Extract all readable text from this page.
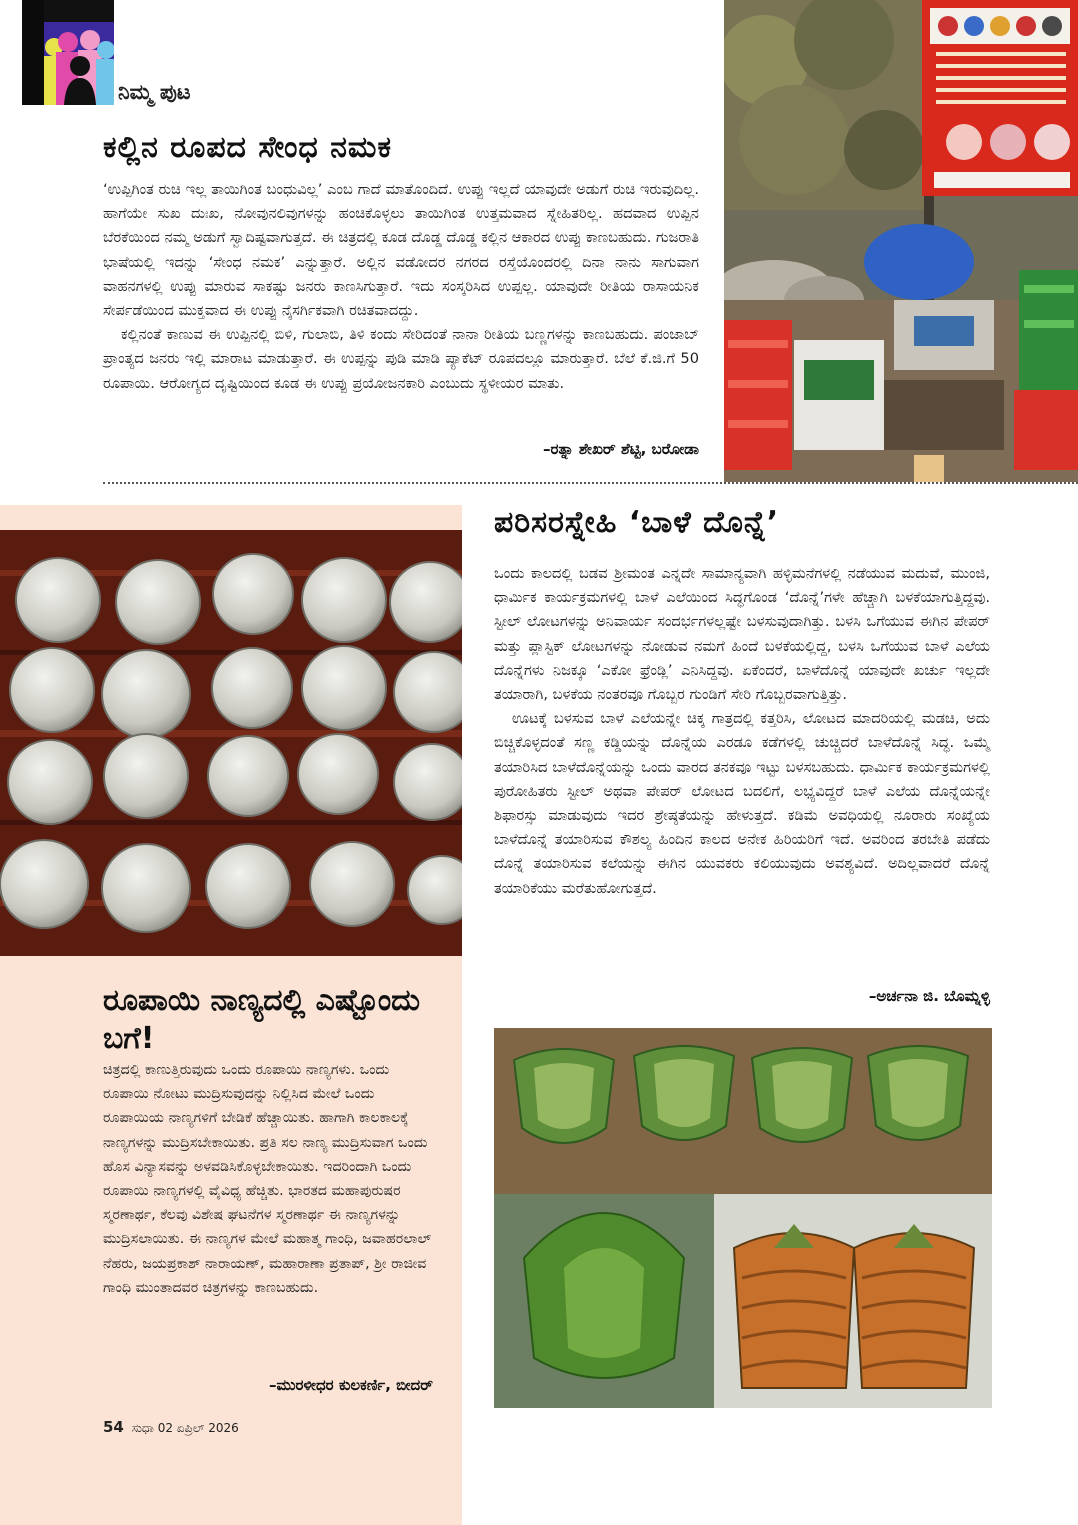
ನಿಮ್ಮ ಪುಟ
ಕಲ್ಲಿನ ರೂಪದ ಸೇಂಧ ನಮಕ

‘ಉಪ್ಪಿಗಿಂತ ರುಚಿ ಇಲ್ಲ ತಾಯಿಗಿಂತ ಬಂಧುವಿಲ್ಲ’ ಎಂಬ ಗಾದೆ ಮಾತೊಂದಿದೆ. ಉಪ್ಪು ಇಲ್ಲದೆ ಯಾವುದೇ ಅಡುಗೆ ರುಚಿ ಇರುವುದಿಲ್ಲ. ಹಾಗೆಯೇ ಸುಖ ದುಃಖ, ನೋವುನಲಿವುಗಳನ್ನು ಹಂಚಿಕೊಳ್ಳಲು ತಾಯಿಗಿಂತ ಉತ್ತಮವಾದ ಸ್ನೇಹಿತರಿಲ್ಲ. ಹದವಾದ ಉಪ್ಪಿನ ಬೆರಕೆಯಿಂದ ನಮ್ಮ ಅಡುಗೆ ಸ್ವಾದಿಷ್ಟವಾಗುತ್ತದೆ. ಈ ಚಿತ್ರದಲ್ಲಿ ಕೂಡ ದೊಡ್ಡ ದೊಡ್ಡ ಕಲ್ಲಿನ ಆಕಾರದ ಉಪ್ಪು ಕಾಣಬಹುದು. ಗುಜರಾತಿ ಭಾಷೆಯಲ್ಲಿ ಇದನ್ನು ‘ಸೇಂಧ ನಮಕ’ ಎನ್ನುತ್ತಾರೆ. ಅಲ್ಲಿನ ವಡೋದರ ನಗರದ ರಸ್ತೆಯೊಂದರಲ್ಲಿ ದಿನಾ ನಾನು ಸಾಗುವಾಗ ವಾಹನಗಳಲ್ಲಿ ಉಪ್ಪು ಮಾರುವ ಸಾಕಷ್ಟು ಜನರು ಕಾಣಸಿಗುತ್ತಾರೆ. ಇದು ಸಂಸ್ಕರಿಸಿದ ಉಪ್ಪಲ್ಲ. ಯಾವುದೇ ರೀತಿಯ ರಾಸಾಯನಿಕ ಸೇರ್ಪಡೆಯಿಂದ ಮುಕ್ತವಾದ ಈ ಉಪ್ಪು ನೈಸರ್ಗಿಕವಾಗಿ ರಚಿತವಾದದ್ದು.

ಕಲ್ಲಿನಂತೆ ಕಾಣುವ ಈ ಉಪ್ಪಿನಲ್ಲಿ ಬಿಳಿ, ಗುಲಾಬಿ, ತಿಳಿ ಕಂದು ಸೇರಿದಂತೆ ನಾನಾ ರೀತಿಯ ಬಣ್ಣಗಳನ್ನು ಕಾಣಬಹುದು. ಪಂಜಾಬ್ ಪ್ರಾಂತ್ಯದ ಜನರು ಇಲ್ಲಿ ಮಾರಾಟ ಮಾಡುತ್ತಾರೆ. ಈ ಉಪ್ಪನ್ನು ಪುಡಿ ಮಾಡಿ ಪ್ಯಾಕೆಟ್ ರೂಪದಲ್ಲೂ ಮಾರುತ್ತಾರೆ. ಬೆಲೆ ಕೆ.ಜಿ.ಗೆ 50 ರೂಪಾಯಿ. ಆರೋಗ್ಯದ ದೃಷ್ಟಿಯಿಂದ ಕೂಡ ಈ ಉಪ್ಪು ಪ್ರಯೋಜನಕಾರಿ ಎಂಬುದು ಸ್ಥಳೀಯರ ಮಾತು.

–ರತ್ನಾ ಶೇಖರ್ ಶೆಟ್ಟಿ, ಬರೋಡಾ
ರೂಪಾಯಿ ನಾಣ್ಯದಲ್ಲಿ ಎಷ್ಟೊಂದು ಬಗೆ!

ಚಿತ್ರದಲ್ಲಿ ಕಾಣುತ್ತಿರುವುದು ಒಂದು ರೂಪಾಯಿ ನಾಣ್ಯಗಳು. ಒಂದು ರೂಪಾಯಿ ನೋಟು ಮುದ್ರಿಸುವುದನ್ನು ನಿಲ್ಲಿಸಿದ ಮೇಲೆ ಒಂದು ರೂಪಾಯಿಯ ನಾಣ್ಯಗಳಿಗೆ ಬೇಡಿಕೆ ಹೆಚ್ಚಾಯಿತು. ಹಾಗಾಗಿ ಕಾಲಕಾಲಕ್ಕೆ ನಾಣ್ಯಗಳನ್ನು ಮುದ್ರಿಸಬೇಕಾಯಿತು. ಪ್ರತಿ ಸಲ ನಾಣ್ಯ ಮುದ್ರಿಸುವಾಗ ಒಂದು ಹೊಸ ವಿನ್ಯಾಸವನ್ನು ಅಳವಡಿಸಿಕೊಳ್ಳಬೇಕಾಯಿತು. ಇದರಿಂದಾಗಿ ಒಂದು ರೂಪಾಯಿ ನಾಣ್ಯಗಳಲ್ಲಿ ವೈವಿಧ್ಯ ಹೆಚ್ಚಿತು. ಭಾರತದ ಮಹಾಪುರುಷರ ಸ್ಮರಣಾರ್ಥ, ಕೆಲವು ವಿಶೇಷ ಘಟನೆಗಳ ಸ್ಮರಣಾರ್ಥ ಈ ನಾಣ್ಯಗಳನ್ನು ಮುದ್ರಿಸಲಾಯಿತು. ಈ ನಾಣ್ಯಗಳ ಮೇಲೆ ಮಹಾತ್ಮ ಗಾಂಧಿ, ಜವಾಹರಲಾಲ್ ನೆಹರು, ಜಯಪ್ರಕಾಶ್ ನಾರಾಯಣ್, ಮಹಾರಾಣಾ ಪ್ರತಾಪ್, ಶ್ರೀ ರಾಜೀವ ಗಾಂಧಿ ಮುಂತಾದವರ ಚಿತ್ರಗಳನ್ನು ಕಾಣಬಹುದು.

–ಮುರಳೀಧರ ಕುಲಕರ್ಣಿ, ಬೀದರ್
54 ಸುಧಾ 02 ಏಪ್ರಿಲ್ 2026
ಪರಿಸರಸ್ನೇಹಿ ‘ಬಾಳೆ ದೊನ್ನೆ’

ಒಂದು ಕಾಲದಲ್ಲಿ ಬಡವ ಶ್ರೀಮಂತ ಎನ್ನದೇ ಸಾಮಾನ್ಯವಾಗಿ ಹಳ್ಳಿಮನೆಗಳಲ್ಲಿ ನಡೆಯುವ ಮದುವೆ, ಮುಂಜಿ, ಧಾರ್ಮಿಕ ಕಾರ್ಯಕ್ರಮಗಳಲ್ಲಿ ಬಾಳೆ ಎಲೆಯಿಂದ ಸಿದ್ಧಗೊಂಡ ‘ದೊನ್ನೆ’ಗಳೇ ಹೆಚ್ಚಾಗಿ ಬಳಕೆಯಾಗುತ್ತಿದ್ದವು. ಸ್ಟೀಲ್ ಲೋಟಗಳನ್ನು ಅನಿವಾರ್ಯ ಸಂದರ್ಭಗಳಲ್ಲಷ್ಟೇ ಬಳಸುವುದಾಗಿತ್ತು. ಬಳಸಿ ಒಗೆಯುವ ಈಗಿನ ಪೇಪರ್ ಮತ್ತು ಪ್ಲಾಸ್ಟಿಕ್ ಲೋಟಗಳನ್ನು ನೋಡುವ ನಮಗೆ ಹಿಂದೆ ಬಳಕೆಯಲ್ಲಿದ್ದ, ಬಳಸಿ ಒಗೆಯುವ ಬಾಳೆ ಎಲೆಯ ದೊನ್ನೆಗಳು ನಿಜಕ್ಕೂ ‘ಎಕೋ ಫ್ರೆಂಡ್ಲಿ’ ಎನಿಸಿದ್ದವು. ಏಕೆಂದರೆ, ಬಾಳೆದೊನ್ನೆ ಯಾವುದೇ ಖರ್ಚು ಇಲ್ಲದೇ ತಯಾರಾಗಿ, ಬಳಕೆಯ ನಂತರವೂ ಗೊಬ್ಬರ ಗುಂಡಿಗೆ ಸೇರಿ ಗೊಬ್ಬರವಾಗುತ್ತಿತ್ತು.

ಊಟಕ್ಕೆ ಬಳಸುವ ಬಾಳೆ ಎಲೆಯನ್ನೇ ಚಿಕ್ಕ ಗಾತ್ರದಲ್ಲಿ ಕತ್ತರಿಸಿ, ಲೋಟದ ಮಾದರಿಯಲ್ಲಿ ಮಡಚಿ, ಅದು ಬಿಚ್ಚಿಕೊಳ್ಳದಂತೆ ಸಣ್ಣ ಕಡ್ಡಿಯನ್ನು ದೊನ್ನೆಯ ಎರಡೂ ಕಡೆಗಳಲ್ಲಿ ಚುಚ್ಚಿದರೆ ಬಾಳೆದೊನ್ನೆ ಸಿದ್ಧ. ಒಮ್ಮೆ ತಯಾರಿಸಿದ ಬಾಳೆದೊನ್ನೆಯನ್ನು ಒಂದು ವಾರದ ತನಕವೂ ಇಟ್ಟು ಬಳಸಬಹುದು. ಧಾರ್ಮಿಕ ಕಾರ್ಯಕ್ರಮಗಳಲ್ಲಿ ಪುರೋಹಿತರು ಸ್ಟೀಲ್ ಅಥವಾ ಪೇಪರ್ ಲೋಟದ ಬದಲಿಗೆ, ಲಭ್ಯವಿದ್ದರೆ ಬಾಳೆ ಎಲೆಯ ದೊನ್ನೆಯನ್ನೇ ಶಿಫಾರಸ್ಸು ಮಾಡುವುದು ಇದರ ಶ್ರೇಷ್ಠತೆಯನ್ನು ಹೇಳುತ್ತದೆ. ಕಡಿಮೆ ಅವಧಿಯಲ್ಲಿ ನೂರಾರು ಸಂಖ್ಯೆಯ ಬಾಳೆದೊನ್ನೆ ತಯಾರಿಸುವ ಕೌಶಲ್ಯ ಹಿಂದಿನ ಕಾಲದ ಅನೇಕ ಹಿರಿಯರಿಗೆ ಇದೆ. ಅವರಿಂದ ತರಬೇತಿ ಪಡೆದು ದೊನ್ನೆ ತಯಾರಿಸುವ ಕಲೆಯನ್ನು ಈಗಿನ ಯುವಕರು ಕಲಿಯುವುದು ಅವಶ್ಯವಿದೆ. ಅದಿಲ್ಲವಾದರೆ ದೊನ್ನೆ ತಯಾರಿಕೆಯು ಮರೆತುಹೋಗುತ್ತದೆ.

–ಅರ್ಚನಾ ಜಿ. ಬೊಮ್ನಳ್ಳಿ
